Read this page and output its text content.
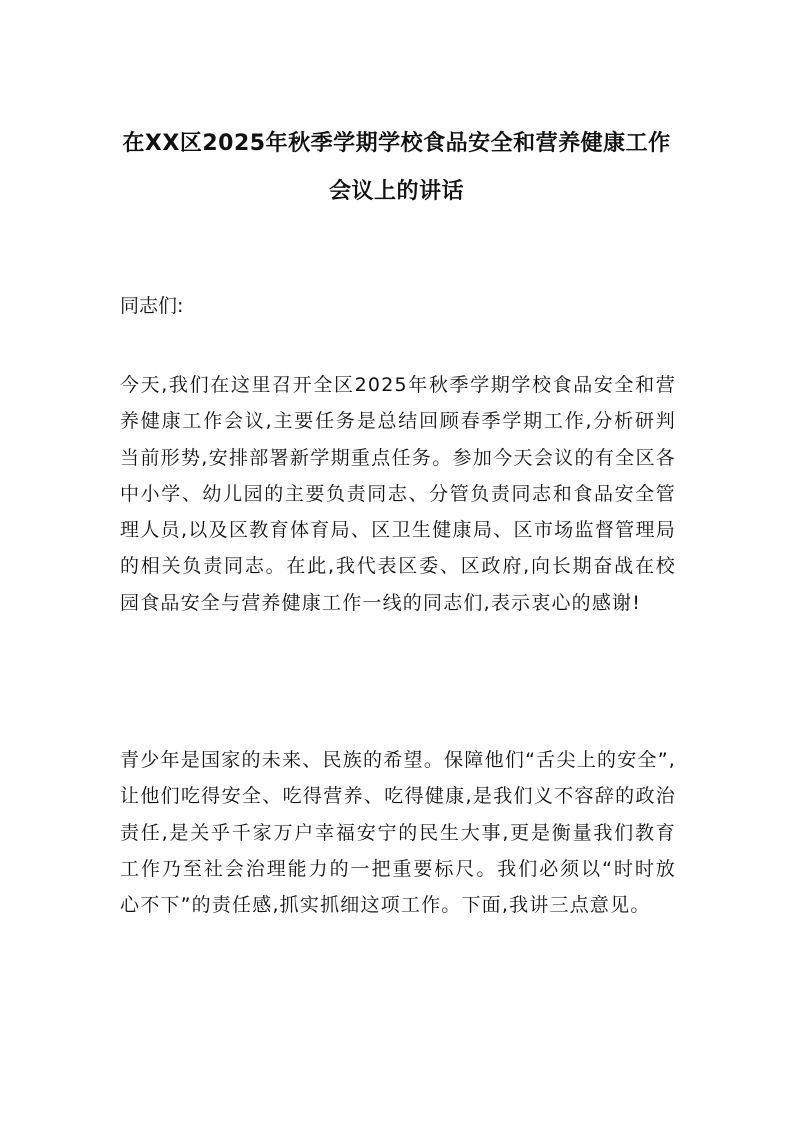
在XX区2025年秋季学期学校食品安全和营养健康工作会议上的讲话

同志们:

今天,我们在这里召开全区2025年秋季学期学校食品安全和营养健康工作会议,主要任务是总结回顾春季学期工作,分析研判当前形势,安排部署新学期重点任务。参加今天会议的有全区各中小学、幼儿园的主要负责同志、分管负责同志和食品安全管理人员,以及区教育体育局、区卫生健康局、区市场监督管理局的相关负责同志。在此,我代表区委、区政府,向长期奋战在校园食品安全与营养健康工作一线的同志们,表示衷心的感谢!

青少年是国家的未来、民族的希望。保障他们“舌尖上的安全”,让他们吃得安全、吃得营养、吃得健康,是我们义不容辞的政治责任,是关乎千家万户幸福安宁的民生大事,更是衡量我们教育工作乃至社会治理能力的一把重要标尺。我们必须以“时时放心不下”的责任感,抓实抓细这项工作。下面,我讲三点意见。
